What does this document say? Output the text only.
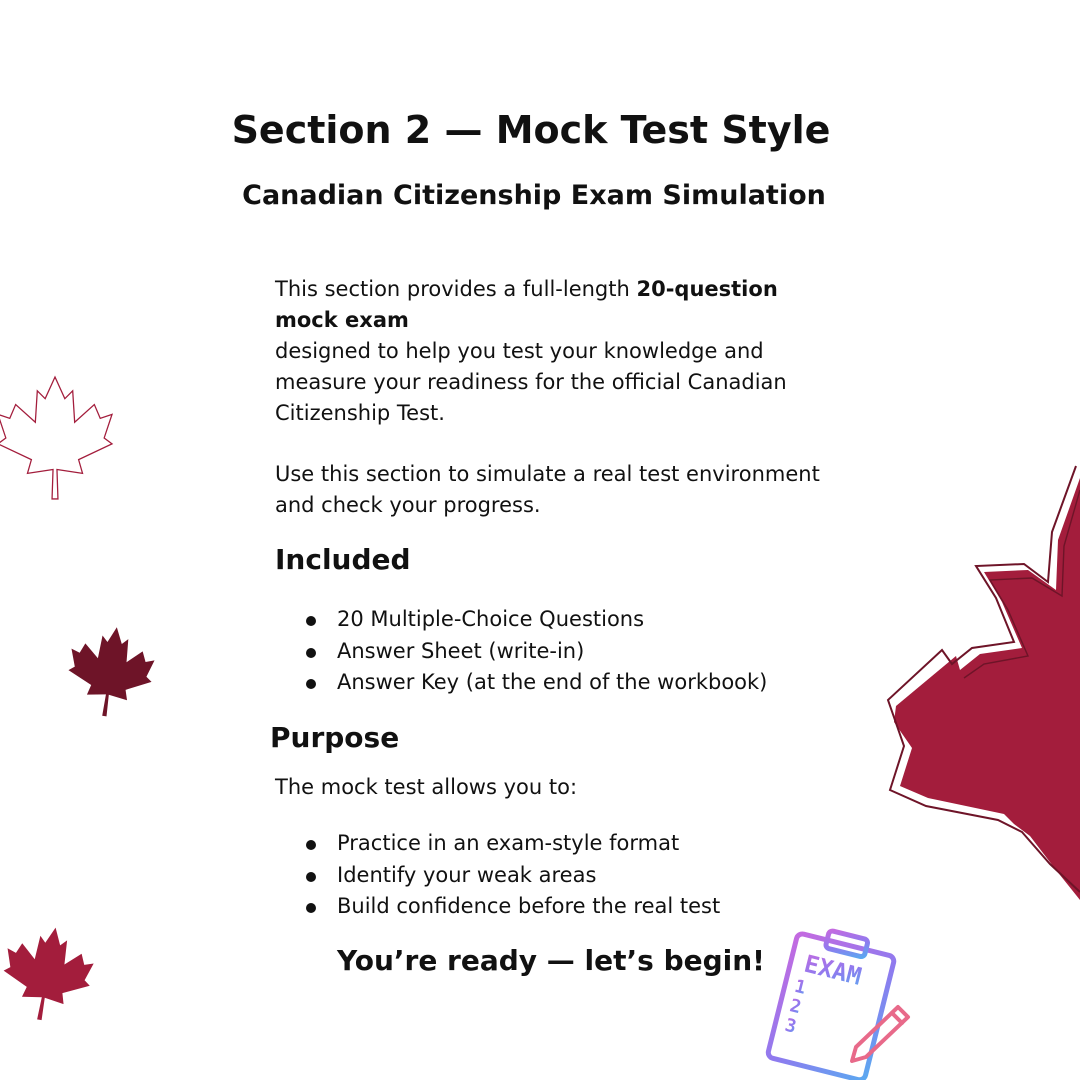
EXAM
1
2
3
Section 2 — Mock Test Style
Canadian Citizenship Exam Simulation

This section provides a full-length 20-question mock exam
designed to help you test your knowledge and measure your readiness for the official Canadian Citizenship Test.

Use this section to simulate a real test environment and check your progress.

Included
20 Multiple-Choice Questions
Answer Sheet (write-in)
Answer Key (at the end of the workbook)
Purpose

The mock test allows you to:

Practice in an exam-style format
Identify your weak areas
Build confidence before the real test

You’re ready — let’s begin!
